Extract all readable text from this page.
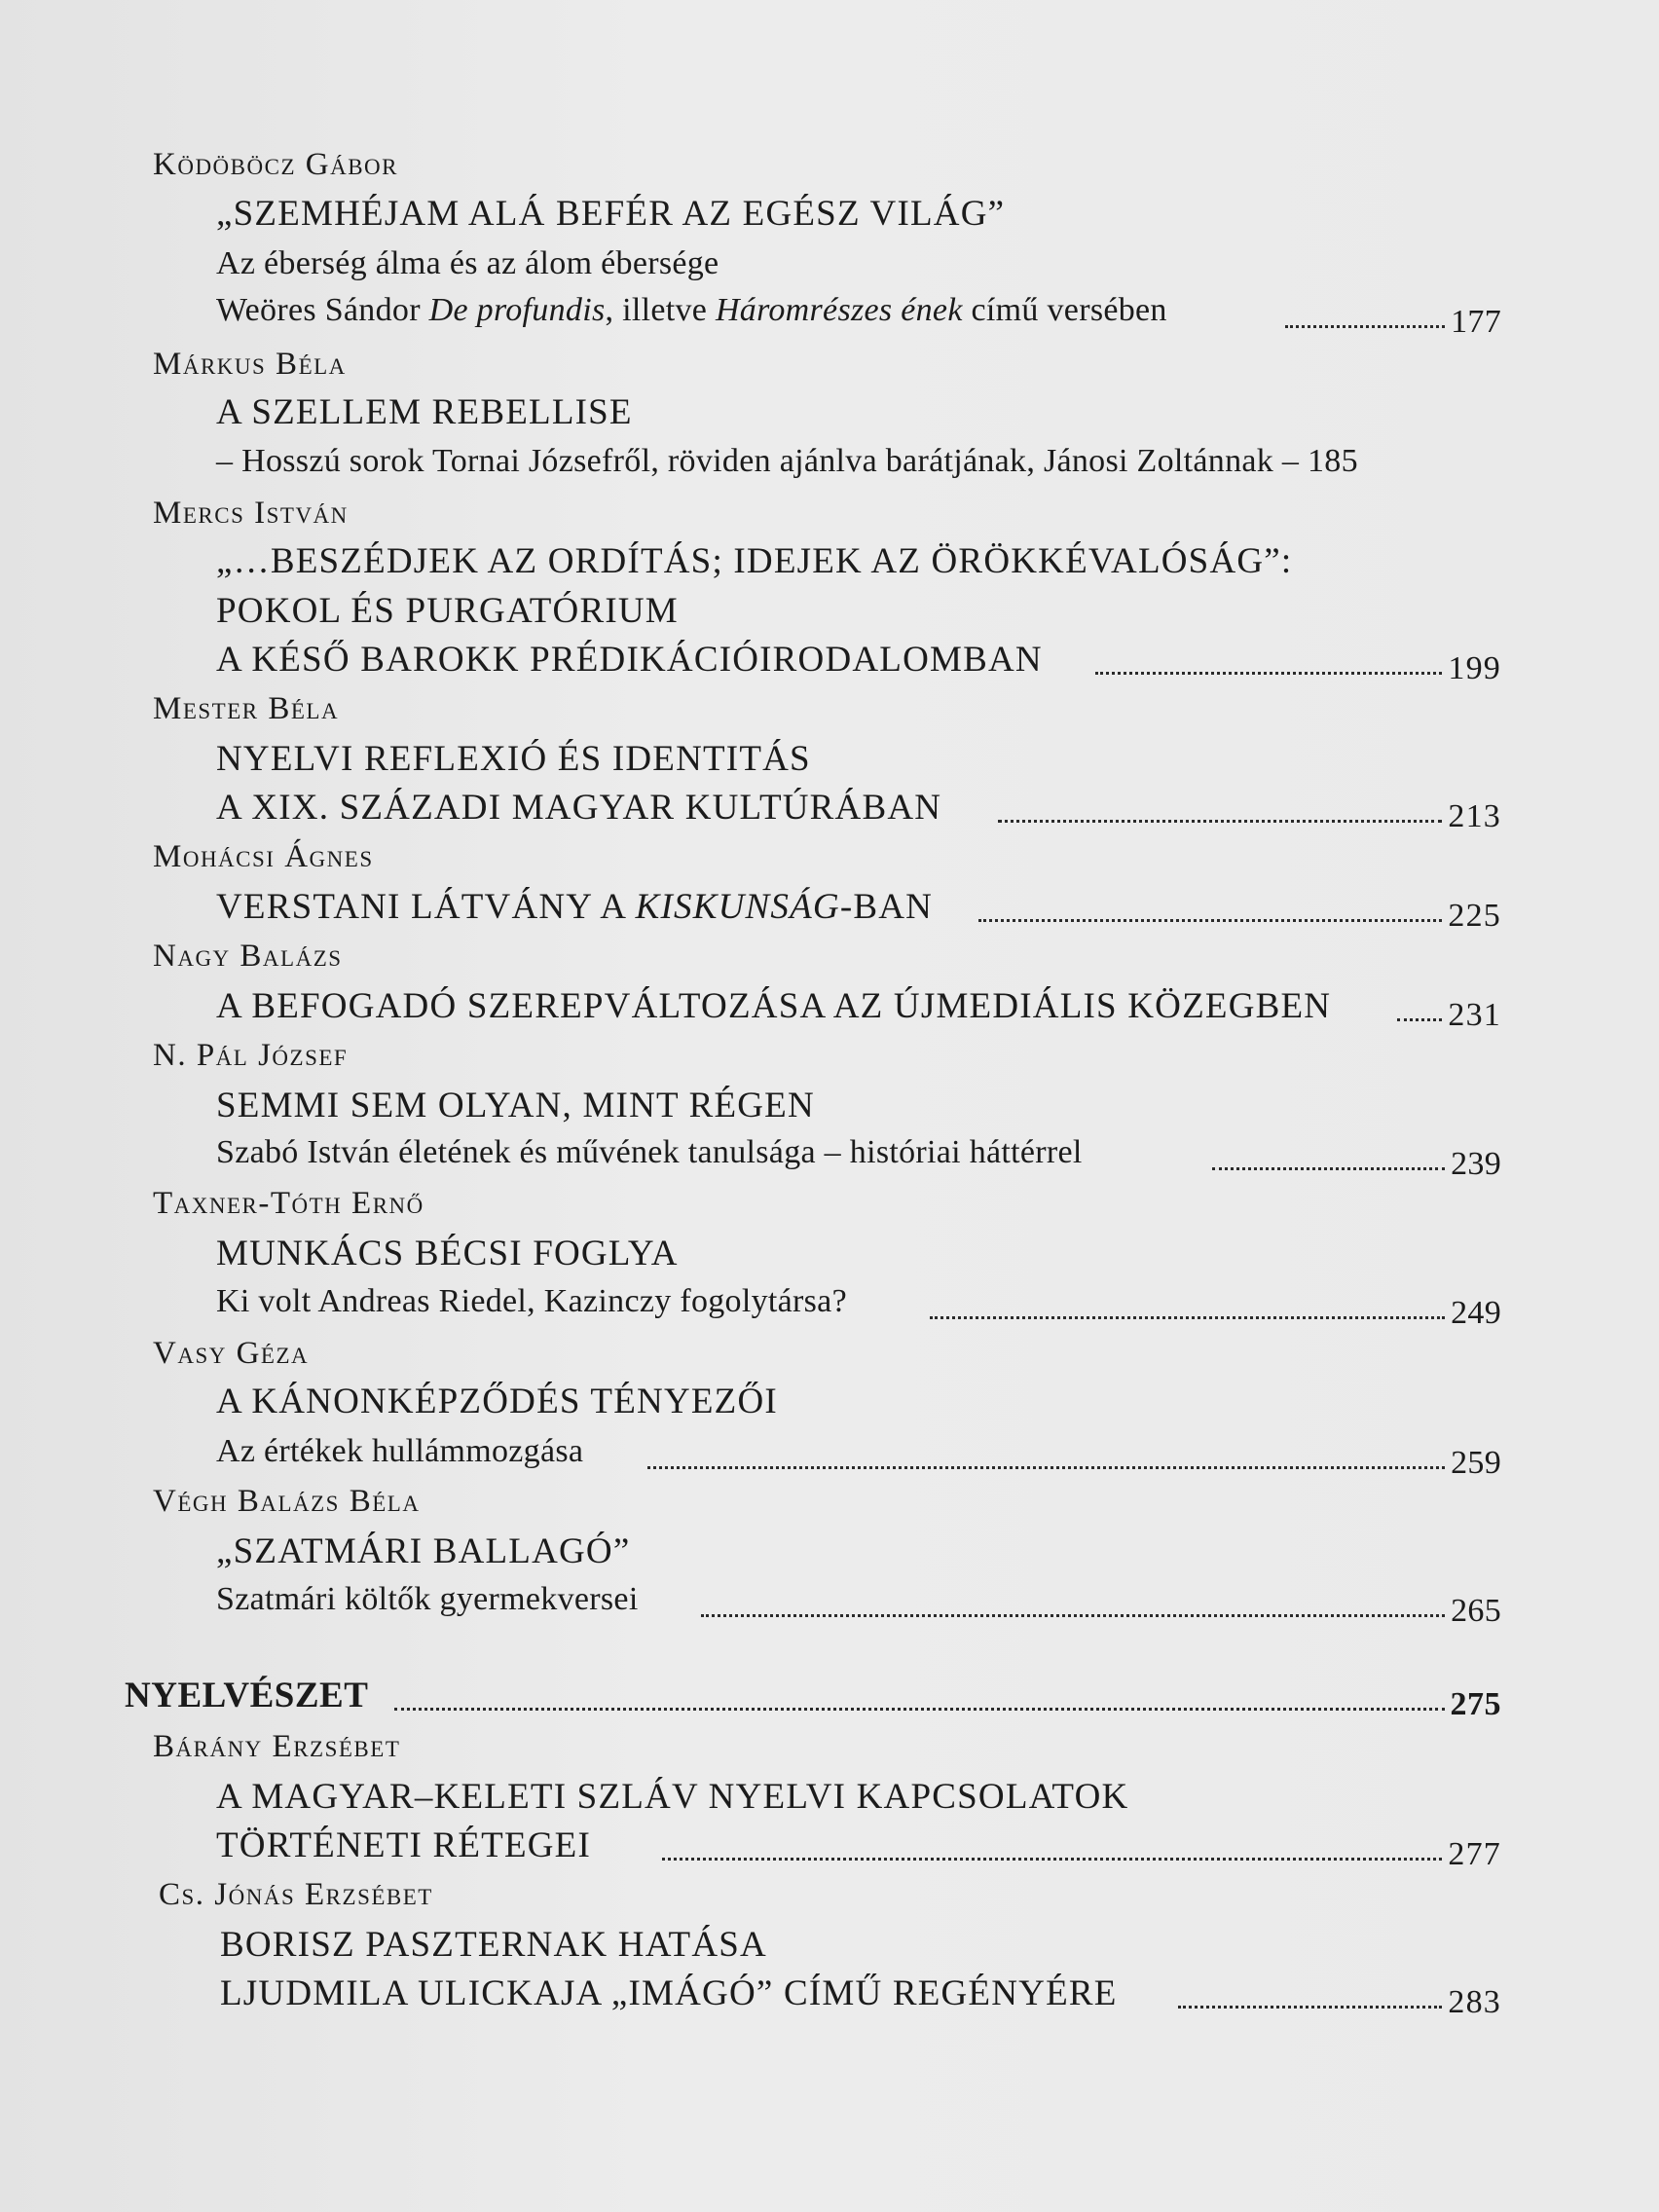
Ködöböcz Gábor
„SZEMHÉJAM ALÁ BEFÉR AZ EGÉSZ VILÁG”
Az éberség álma és az álom ébersége
Weöres Sándor De profundis, illetve Háromrészes ének című versében	177
Márkus Béla
A SZELLEM REBELLISE
– Hosszú sorok Tornai Józsefről, röviden ajánlva barátjának, Jánosi Zoltánnak – 185
Mercs István
„…BESZÉDJEK AZ ORDÍTÁS; IDEJEK AZ ÖRÖKKÉVALÓSÁG”:
POKOL ÉS PURGATÓRIUM
A KÉSŐ BAROKK PRÉDIKÁCIÓIRODALOMBAN	199
Mester Béla
NYELVI REFLEXIÓ ÉS IDENTITÁS
A XIX. SZÁZADI MAGYAR KULTÚRÁBAN	213
Mohácsi Ágnes
VERSTANI LÁTVÁNY A KISKUNSÁG-BAN	225
Nagy Balázs
A BEFOGADÓ SZEREPVÁLTOZÁSA AZ ÚJMEDIÁLIS KÖZEGBEN	231
N. Pál József
SEMMI SEM OLYAN, MINT RÉGEN
Szabó István életének és művének tanulsága – históriai háttérrel	239
Taxner-Tóth Ernő
MUNKÁCS BÉCSI FOGLYA
Ki volt Andreas Riedel, Kazinczy fogolytársa?	249
Vasy Géza
A KÁNONKÉPZŐDÉS TÉNYEZŐI
Az értékek hullámmozgása	259
Végh Balázs Béla
„SZATMÁRI BALLAGÓ”
Szatmári költők gyermekversei	265
NYELVÉSZET	275
Bárány Erzsébet
A MAGYAR–KELETI SZLÁV NYELVI KAPCSOLATOK
TÖRTÉNETI RÉTEGEI	277
Cs. Jónás Erzsébet
BORISZ PASZTERNAK HATÁSA
LJUDMILA ULICKAJA „IMÁGÓ” CÍMŰ REGÉNYÉRE	283
